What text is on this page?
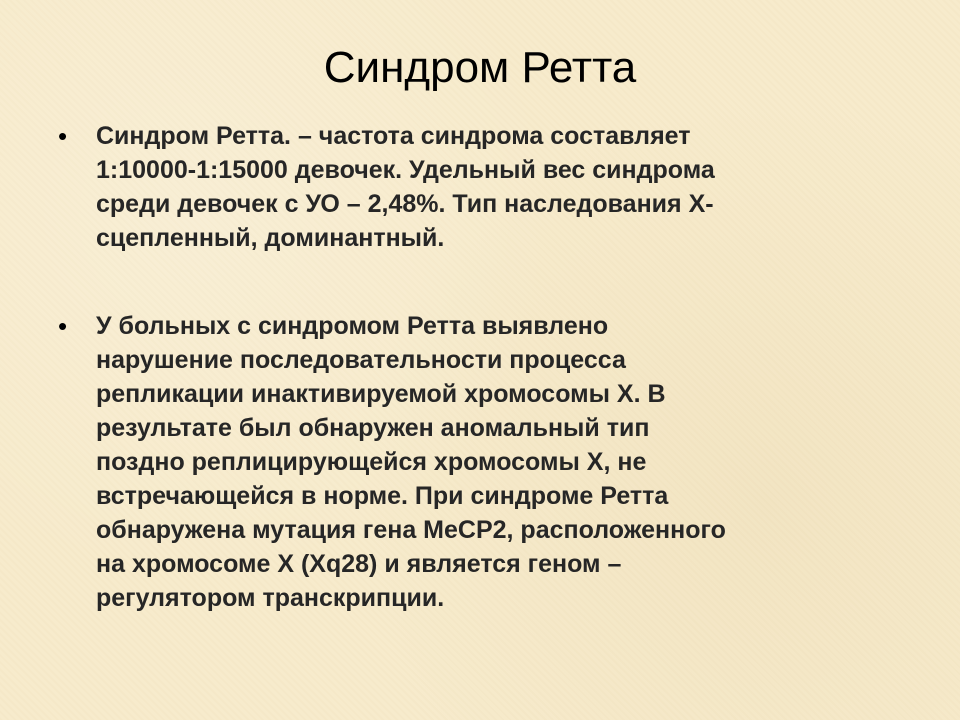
Синдром Ретта
• Синдром Ретта. – частота синдрома составляет
1:10000-1:15000 девочек. Удельный вес синдрома
среди девочек с УО – 2,48%. Тип наследования Х-
сцепленный, доминантный.
• У больных с синдромом Ретта выявлено
нарушение последовательности процесса
репликации инактивируемой хромосомы Х. В
результате был обнаружен аномальный тип
поздно реплицирующейся хромосомы Х, не
встречающейся в норме. При синдроме Ретта
обнаружена мутация гена MeCP2, расположенного
на хромосоме X (Xq28) и является геном –
регулятором транскрипции.
